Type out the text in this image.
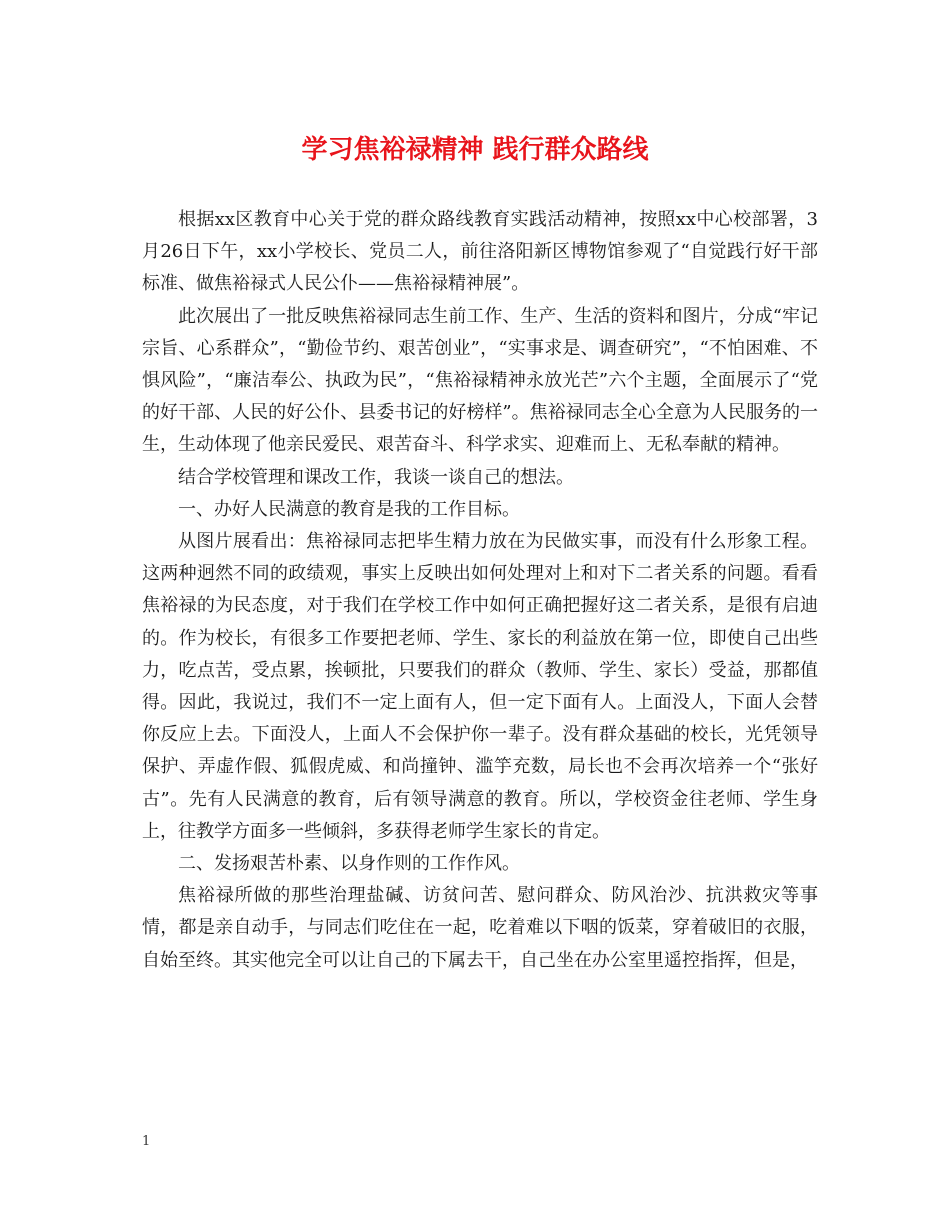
学习焦裕禄精神 践行群众路线

根据xx区教育中心关于党的群众路线教育实践活动精神，按照xx中心校部署，3月26日下午，xx小学校长、党员二人，前往洛阳新区博物馆参观了“自觉践行好干部标准、做焦裕禄式人民公仆——焦裕禄精神展”。

此次展出了一批反映焦裕禄同志生前工作、生产、生活的资料和图片，分成“牢记宗旨、心系群众”，“勤俭节约、艰苦创业”，“实事求是、调查研究”，“不怕困难、不惧风险”，“廉洁奉公、执政为民”，“焦裕禄精神永放光芒”六个主题，全面展示了“党的好干部、人民的好公仆、县委书记的好榜样”。焦裕禄同志全心全意为人民服务的一生，生动体现了他亲民爱民、艰苦奋斗、科学求实、迎难而上、无私奉献的精神。

结合学校管理和课改工作，我谈一谈自己的想法。

一、办好人民满意的教育是我的工作目标。

从图片展看出：焦裕禄同志把毕生精力放在为民做实事，而没有什么形象工程。这两种迥然不同的政绩观，事实上反映出如何处理对上和对下二者关系的问题。看看焦裕禄的为民态度，对于我们在学校工作中如何正确把握好这二者关系，是很有启迪的。作为校长，有很多工作要把老师、学生、家长的利益放在第一位，即使自己出些力，吃点苦，受点累，挨顿批，只要我们的群众（教师、学生、家长）受益，那都值得。因此，我说过，我们不一定上面有人，但一定下面有人。上面没人，下面人会替你反应上去。下面没人，上面人不会保护你一辈子。没有群众基础的校长，光凭领导保护、弄虚作假、狐假虎威、和尚撞钟、滥竽充数，局长也不会再次培养一个“张好古”。先有人民满意的教育，后有领导满意的教育。所以，学校资金往老师、学生身上，往教学方面多一些倾斜，多获得老师学生家长的肯定。

二、发扬艰苦朴素、以身作则的工作作风。

焦裕禄所做的那些治理盐碱、访贫问苦、慰问群众、防风治沙、抗洪救灾等事情，都是亲自动手，与同志们吃住在一起，吃着难以下咽的饭菜，穿着破旧的衣服，自始至终。其实他完全可以让自己的下属去干，自己坐在办公室里遥控指挥，但是，

1
